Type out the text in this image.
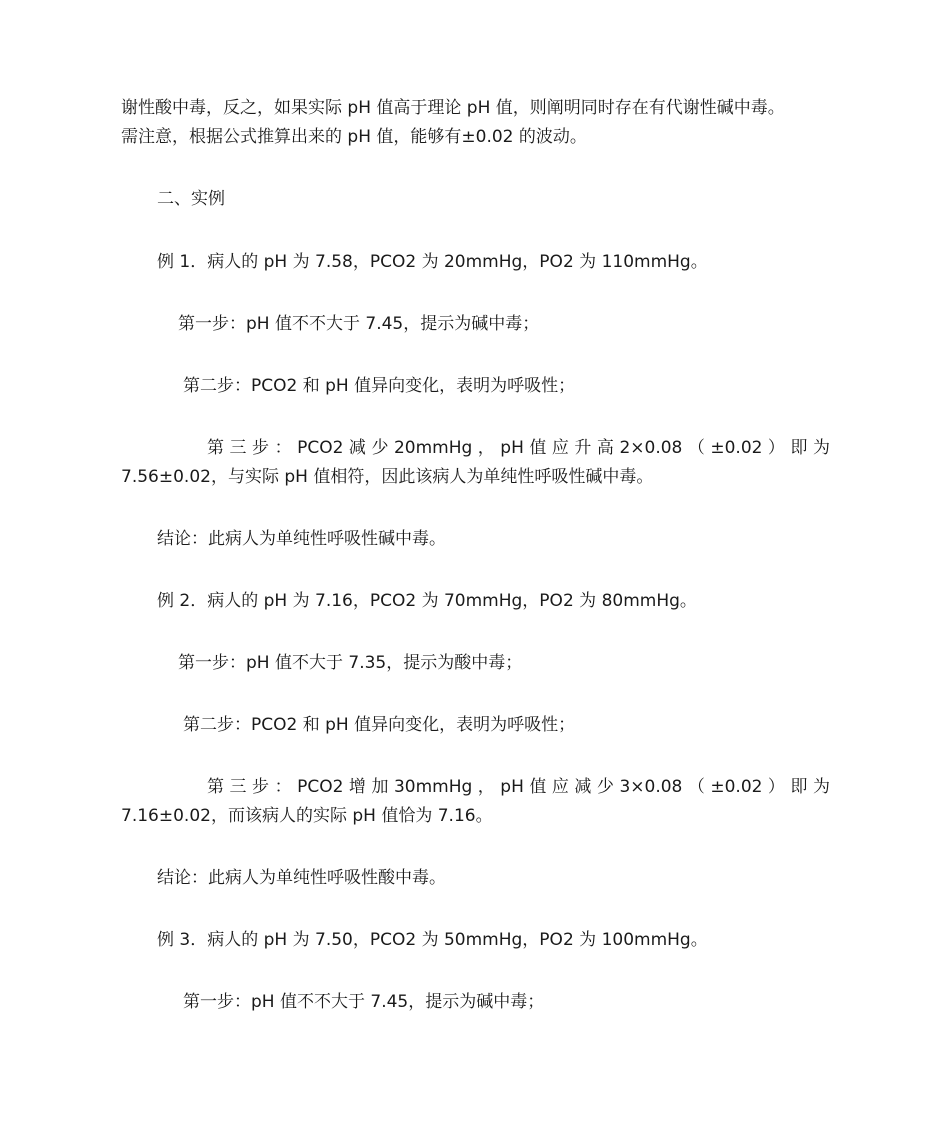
谢性酸中毒，反之，如果实际 pH 值高于理论 pH 值，则阐明同时存在有代谢性碱中毒。

需注意，根据公式推算出来的 pH 值，能够有±0.02 的波动。

二、实例

例 1．病人的 pH 为 7.58，PCO2 为 20mmHg，PO2 为 110mmHg。

第一步：pH 值不不大于 7.45，提示为碱中毒；

第二步：PCO2 和 pH 值异向变化，表明为呼吸性；

第 三 步 ： PCO2 减 少 20mmHg ， pH 值 应 升 高 2×0.08 （ ±0.02 ） 即 为
7.56±0.02，与实际 pH 值相符，因此该病人为单纯性呼吸性碱中毒。

结论：此病人为单纯性呼吸性碱中毒。

例 2．病人的 pH 为 7.16，PCO2 为 70mmHg，PO2 为 80mmHg。

第一步：pH 值不大于 7.35，提示为酸中毒；

第二步：PCO2 和 pH 值异向变化，表明为呼吸性；

第 三 步 ： PCO2 增 加 30mmHg ， pH 值 应 减 少 3×0.08 （ ±0.02 ） 即 为
7.16±0.02，而该病人的实际 pH 值恰为 7.16。

结论：此病人为单纯性呼吸性酸中毒。

例 3．病人的 pH 为 7.50，PCO2 为 50mmHg，PO2 为 100mmHg。

第一步：pH 值不不大于 7.45，提示为碱中毒；
